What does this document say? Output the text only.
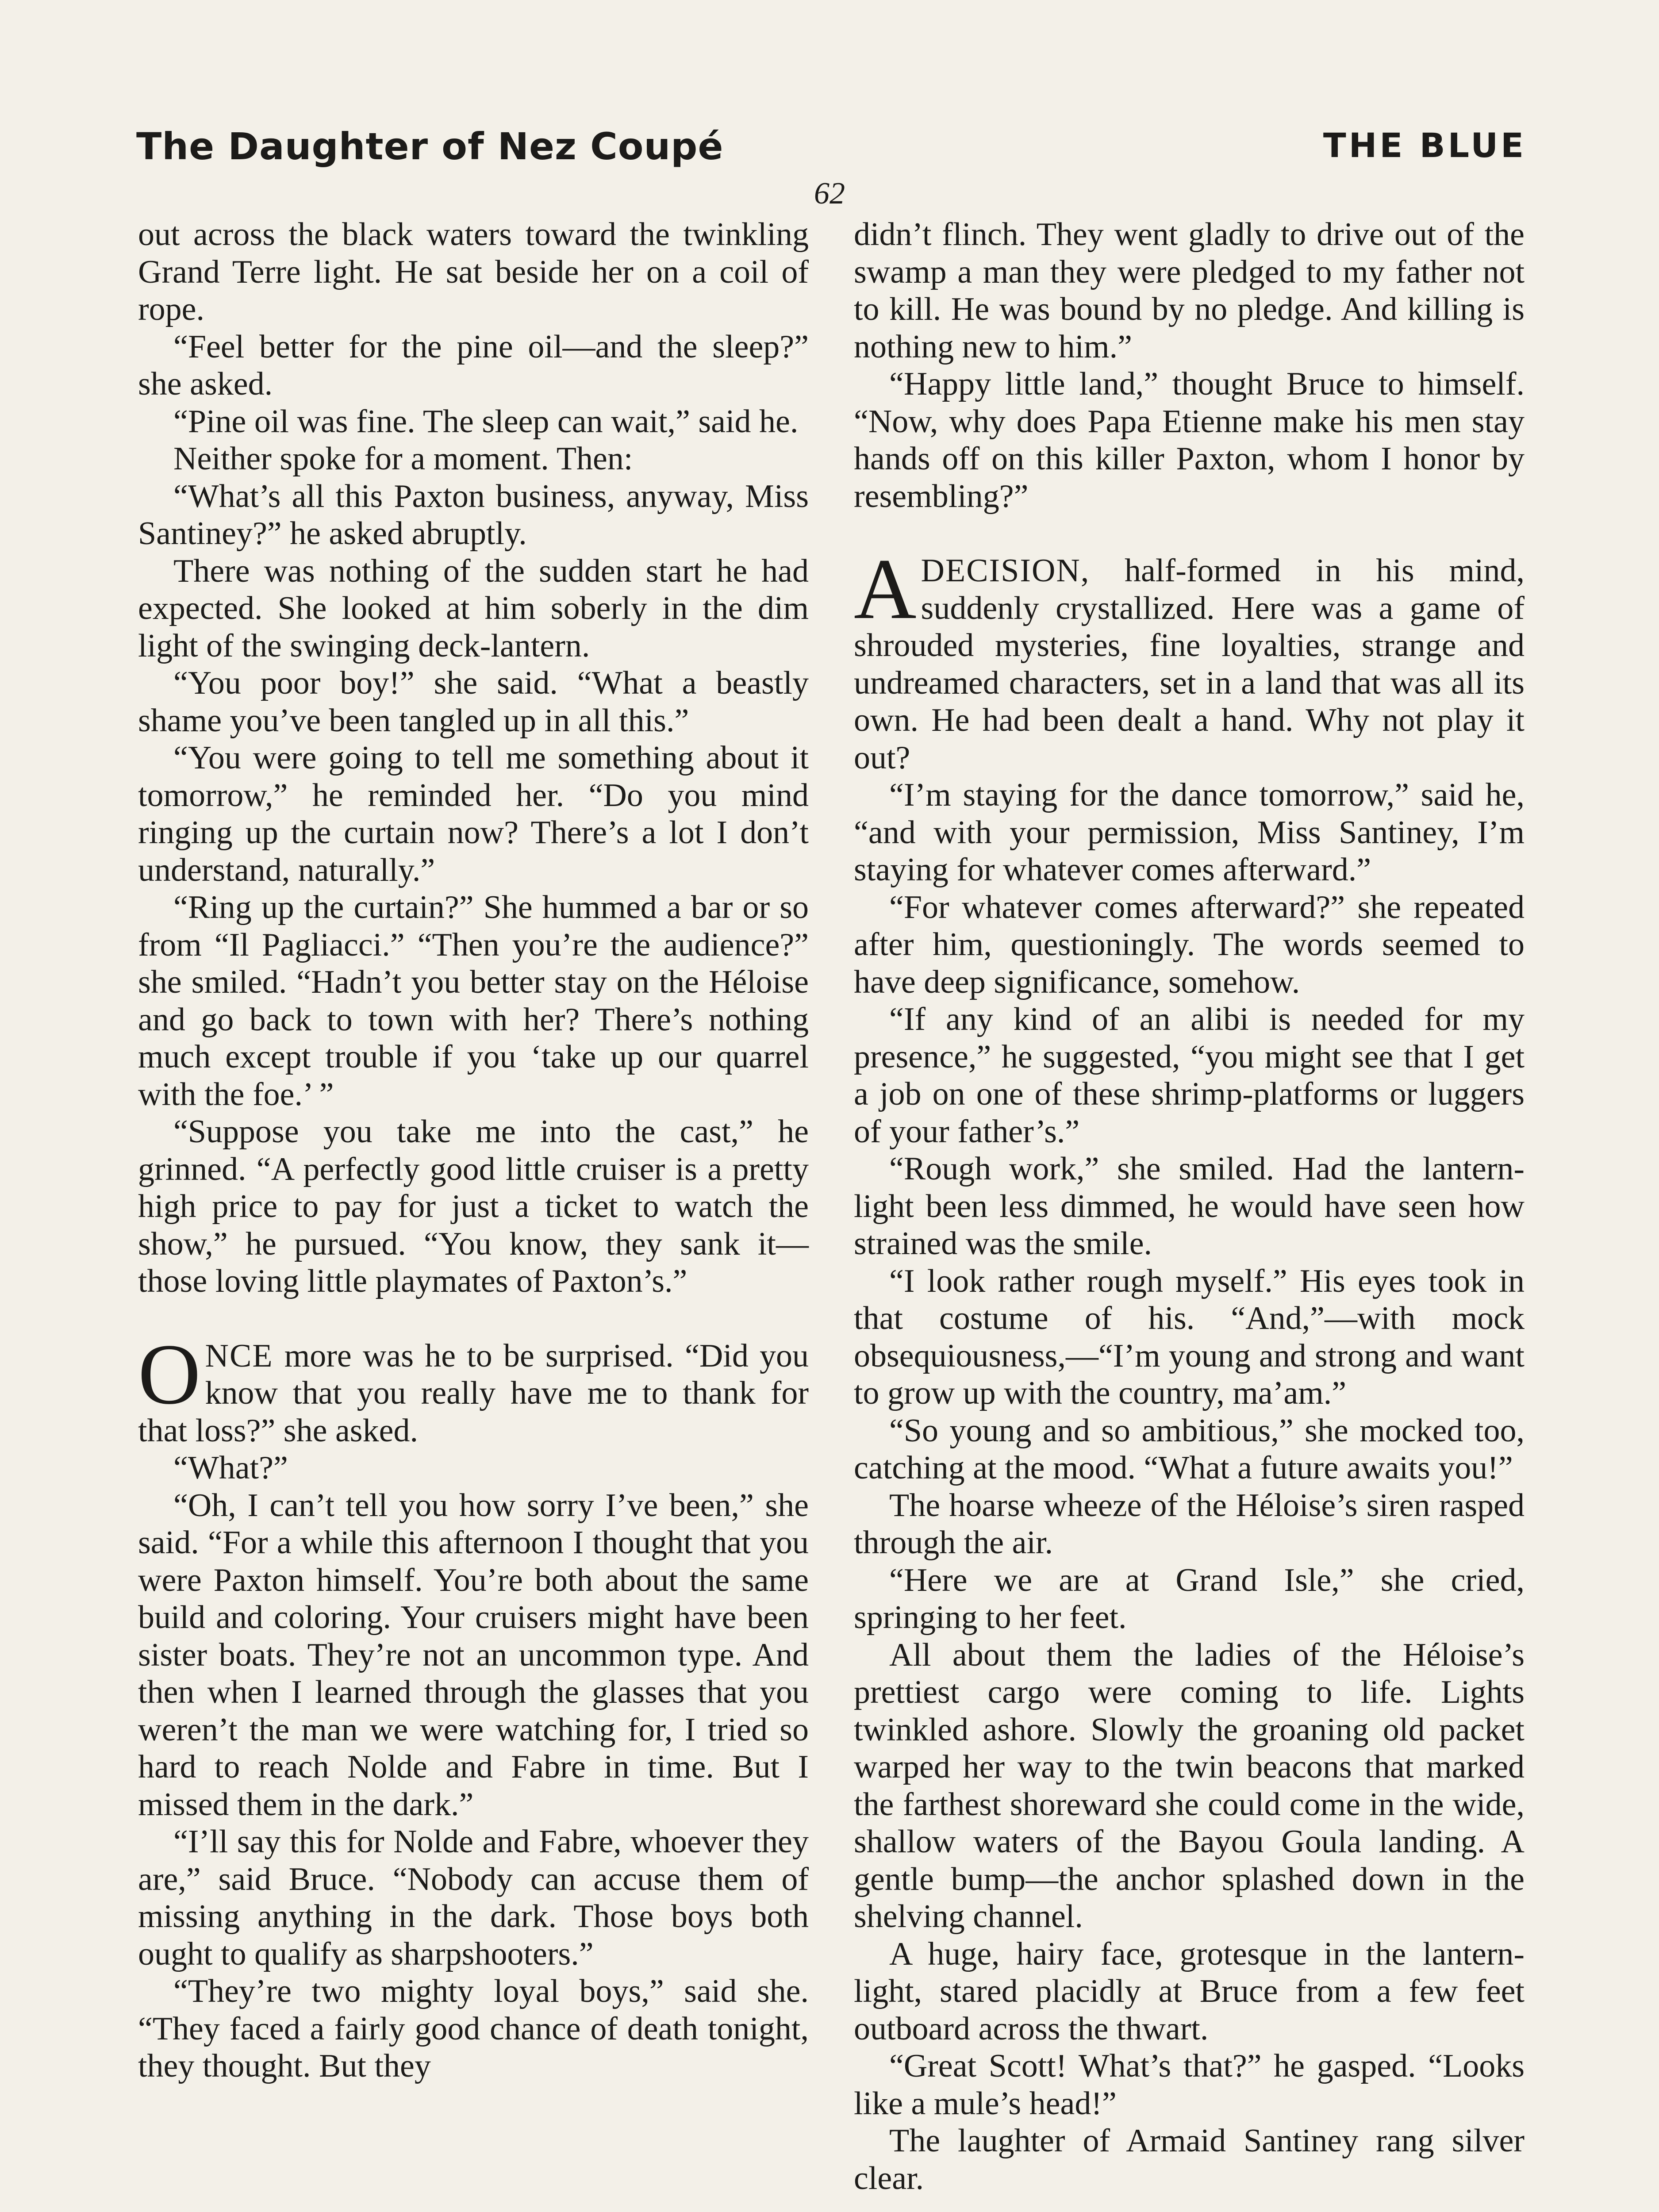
The Daughter of Nez Coupé	THE BLUE
62

out across the black waters toward the twinkling Grand Terre light. He sat beside her on a coil of rope.

“Feel better for the pine oil—and the sleep?” she asked.

“Pine oil was fine. The sleep can wait,” said he.

Neither spoke for a moment. Then:

“What’s all this Paxton business, anyway, Miss Santiney?” he asked abruptly.

There was nothing of the sudden start he had expected. She looked at him soberly in the dim light of the swinging deck-lantern.

“You poor boy!” she said. “What a beastly shame you’ve been tangled up in all this.”

“You were going to tell me something about it tomorrow,” he reminded her. “Do you mind ringing up the curtain now? There’s a lot I don’t understand, naturally.”

“Ring up the curtain?” She hummed a bar or so from “Il Pagliacci.” “Then you’re the audience?” she smiled. “Hadn’t you better stay on the Héloise and go back to town with her? There’s nothing much except trouble if you ‘take up our quarrel with the foe.’ ”

“Suppose you take me into the cast,” he grinned. “A perfectly good little cruiser is a pretty high price to pay for just a ticket to watch the show,” he pursued. “You know, they sank it—those loving little playmates of Paxton’s.”

ONCE more was he to be surprised. “Did you know that you really have me to thank for that loss?” she asked.

“What?”

“Oh, I can’t tell you how sorry I’ve been,” she said. “For a while this afternoon I thought that you were Paxton himself. You’re both about the same build and coloring. Your cruisers might have been sister boats. They’re not an uncommon type. And then when I learned through the glasses that you weren’t the man we were watching for, I tried so hard to reach Nolde and Fabre in time. But I missed them in the dark.”

“I’ll say this for Nolde and Fabre, whoever they are,” said Bruce. “Nobody can accuse them of missing anything in the dark. Those boys both ought to qualify as sharpshooters.”

“They’re two mighty loyal boys,” said she. “They faced a fairly good chance of death tonight, they thought. But they

didn’t flinch. They went gladly to drive out of the swamp a man they were pledged to my father not to kill. He was bound by no pledge. And killing is nothing new to him.”

“Happy little land,” thought Bruce to himself. “Now, why does Papa Etienne make his men stay hands off on this killer Paxton, whom I honor by resembling?”

ADECISION, half-formed in his mind, suddenly crystallized. Here was a game of shrouded mysteries, fine loyalties, strange and undreamed characters, set in a land that was all its own. He had been dealt a hand. Why not play it out?

“I’m staying for the dance tomorrow,” said he, “and with your permission, Miss Santiney, I’m staying for whatever comes afterward.”

“For whatever comes afterward?” she repeated after him, questioningly. The words seemed to have deep significance, somehow.

“If any kind of an alibi is needed for my presence,” he suggested, “you might see that I get a job on one of these shrimp-platforms or luggers of your father’s.”

“Rough work,” she smiled. Had the lantern-light been less dimmed, he would have seen how strained was the smile.

“I look rather rough myself.” His eyes took in that costume of his. “And,”—with mock obsequiousness,—“I’m young and strong and want to grow up with the country, ma’am.”

“So young and so ambitious,” she mocked too, catching at the mood. “What a future awaits you!”

The hoarse wheeze of the Héloise’s siren rasped through the air.

“Here we are at Grand Isle,” she cried, springing to her feet.

All about them the ladies of the Héloise’s prettiest cargo were coming to life. Lights twinkled ashore. Slowly the groaning old packet warped her way to the twin beacons that marked the farthest shoreward she could come in the wide, shallow waters of the Bayou Goula landing. A gentle bump—the anchor splashed down in the shelving channel.

A huge, hairy face, grotesque in the lantern-light, stared placidly at Bruce from a few feet outboard across the thwart.

“Great Scott! What’s that?” he gasped. “Looks like a mule’s head!”

The laughter of Armaid Santiney rang silver clear.
